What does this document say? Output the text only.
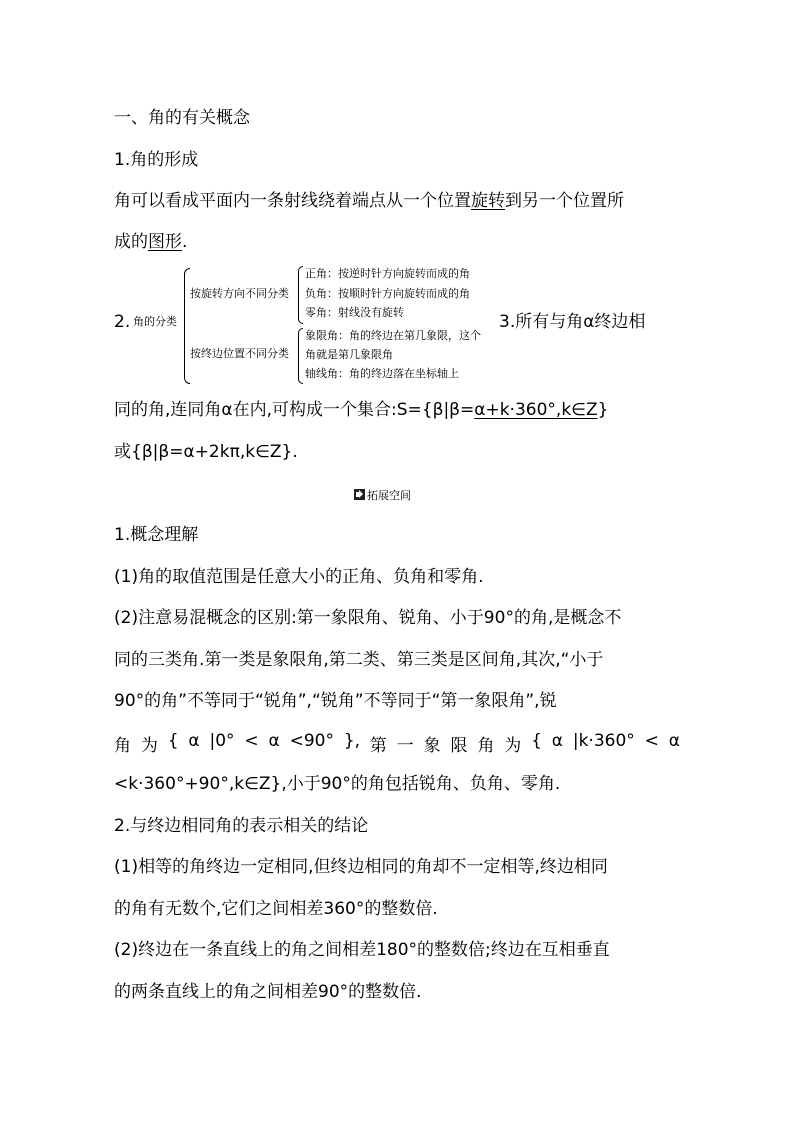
一、角的有关概念
1.角的形成
角可以看成平面内一条射线绕着端点从一个位置旋转到另一个位置所
成的图形.
2. 角的分类
按旋转方向不同分类
正角：按逆时针方向旋转而成的角
负角：按顺时针方向旋转而成的角
零角：射线没有旋转
按终边位置不同分类
象限角：角的终边在第几象限，这个
角就是第几象限角
轴线角：角的终边落在坐标轴上
3.所有与角α终边相
同的角,连同角α在内,可构成一个集合:S={β|β=α+k·360°,k∈Z}
或{β|β=α+2kπ,k∈Z}.
拓展空间
1.概念理解
(1)角的取值范围是任意大小的正角、负角和零角.
(2)注意易混概念的区别:第一象限角、锐角、小于90°的角,是概念不
同的三类角.第一类是象限角,第二类、第三类是区间角,其次,“小于
90°的角”不等同于“锐角”,“锐角”不等同于“第一象限角”,锐
角 为 { α |0° < α <90° }, 第 一 象 限 角 为 { α |k·360° < α
<k·360°+90°,k∈Z},小于90°的角包括锐角、负角、零角.
2.与终边相同角的表示相关的结论
(1)相等的角终边一定相同,但终边相同的角却不一定相等,终边相同
的角有无数个,它们之间相差360°的整数倍.
(2)终边在一条直线上的角之间相差180°的整数倍;终边在互相垂直
的两条直线上的角之间相差90°的整数倍.
